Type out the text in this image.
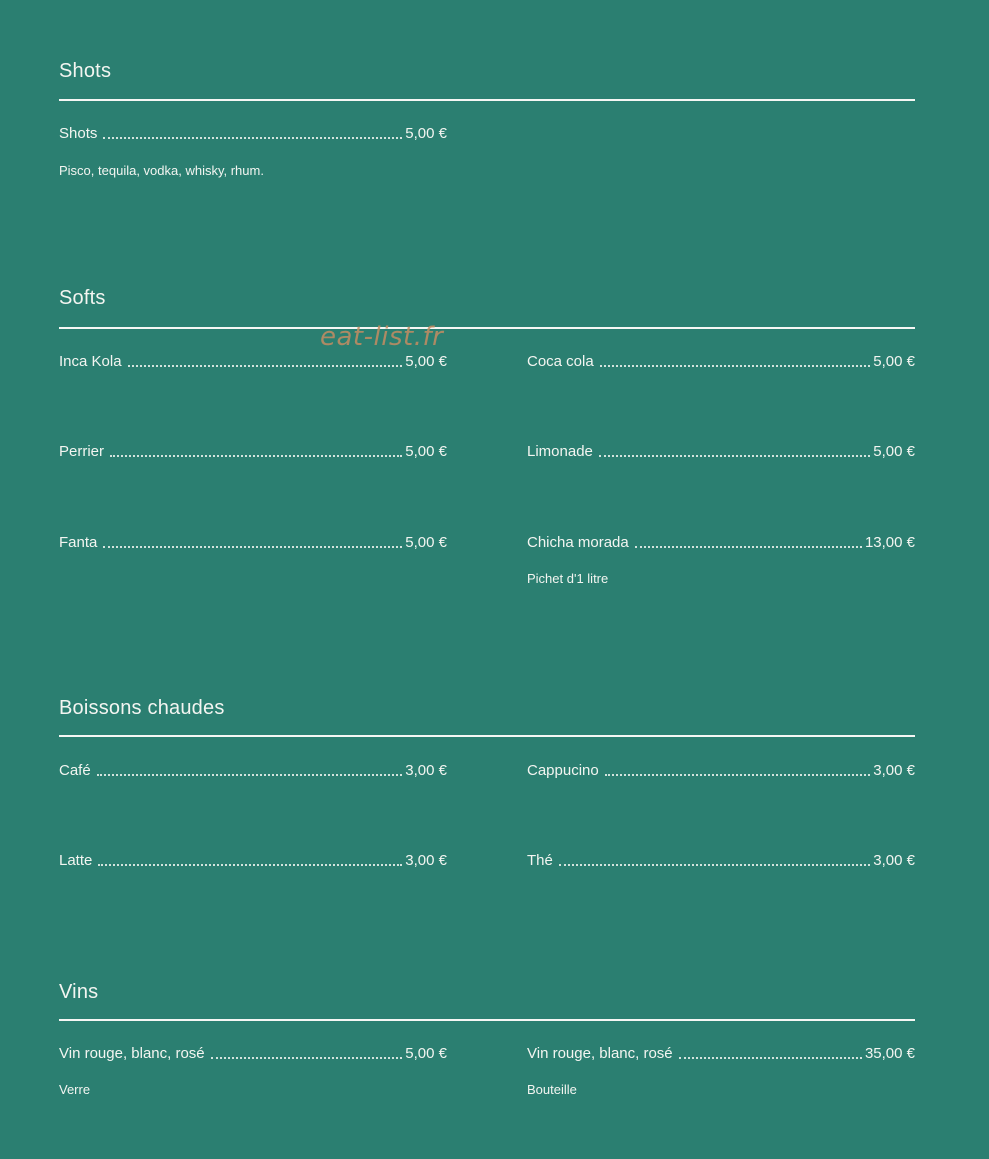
Shots
Shots	5,00 €
Pisco, tequila, vodka, whisky, rhum.
Softs
eat-list.fr
Inca Kola	5,00 €	Coca cola	5,00 €
Perrier	5,00 €	Limonade	5,00 €
Fanta	5,00 €	Chicha morada	13,00 €
Pichet d'1 litre
Boissons chaudes
Café	3,00 €	Cappucino	3,00 €
Latte	3,00 €	Thé	3,00 €
Vins
Vin rouge, blanc, rosé	5,00 €
Verre
Vin rouge, blanc, rosé	35,00 €
Bouteille
